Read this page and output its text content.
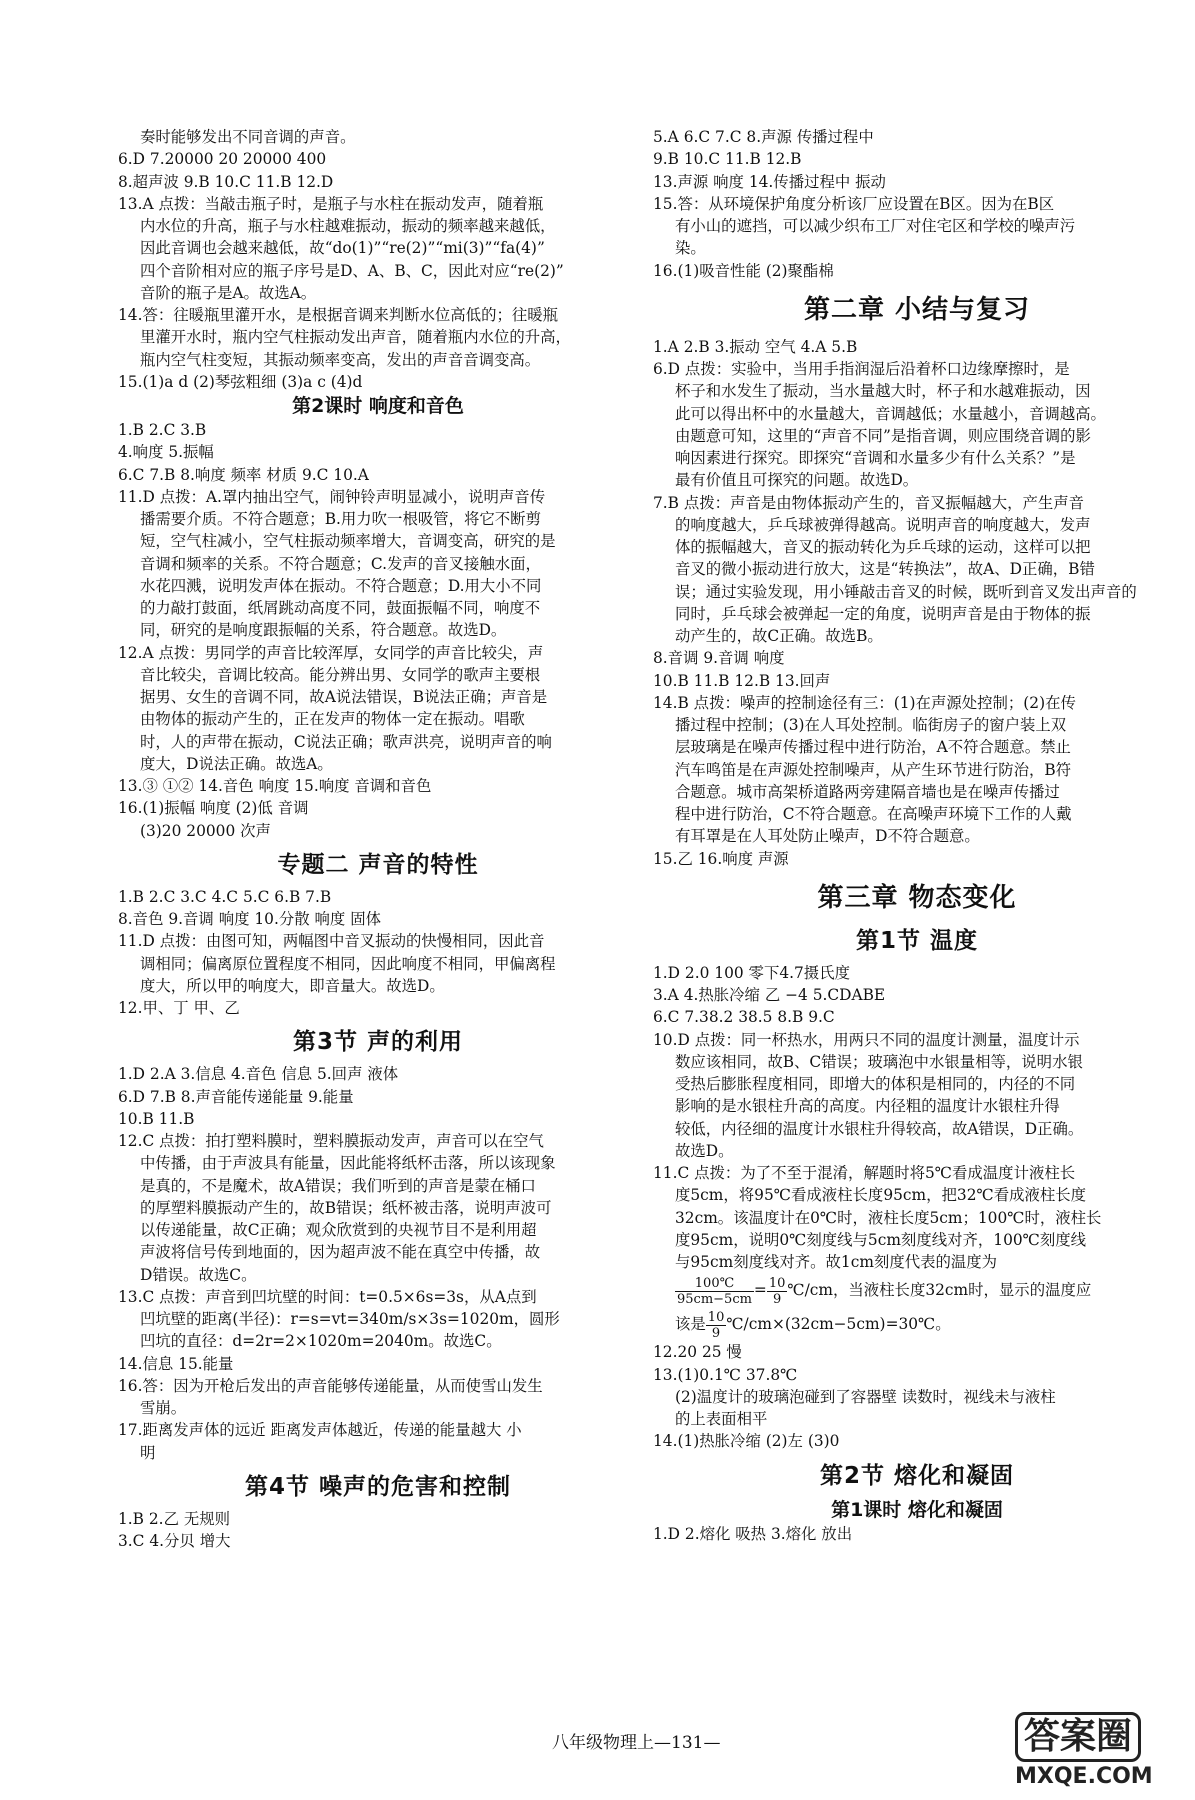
奏时能够发出不同音调的声音。
6.D 7.20000 20 20000 400
8.超声波 9.B 10.C 11.B 12.D
13.A 点拨：当敲击瓶子时，是瓶子与水柱在振动发声，随着瓶
内水位的升高，瓶子与水柱越难振动，振动的频率越来越低，
因此音调也会越来越低，故“do(1)”“re(2)”“mi(3)”“fa(4)”
四个音阶相对应的瓶子序号是D、A、B、C，因此对应“re(2)”
音阶的瓶子是A。故选A。
14.答：往暖瓶里灌开水，是根据音调来判断水位高低的；往暖瓶
里灌开水时，瓶内空气柱振动发出声音，随着瓶内水位的升高，
瓶内空气柱变短，其振动频率变高，发出的声音音调变高。
15.(1)a d (2)琴弦粗细 (3)a c (4)d
第2课时 响度和音色
1.B 2.C 3.B
4.响度 5.振幅
6.C 7.B 8.响度 频率 材质 9.C 10.A
11.D 点拨：A.罩内抽出空气，闹钟铃声明显减小，说明声音传
播需要介质。不符合题意；B.用力吹一根吸管，将它不断剪
短，空气柱减小，空气柱振动频率增大，音调变高，研究的是
音调和频率的关系。不符合题意；C.发声的音叉接触水面，
水花四溅，说明发声体在振动。不符合题意；D.用大小不同
的力敲打鼓面，纸屑跳动高度不同，鼓面振幅不同，响度不
同，研究的是响度跟振幅的关系，符合题意。故选D。
12.A 点拨：男同学的声音比较浑厚，女同学的声音比较尖，声
音比较尖，音调比较高。能分辨出男、女同学的歌声主要根
据男、女生的音调不同，故A说法错误，B说法正确；声音是
由物体的振动产生的，正在发声的物体一定在振动。唱歌
时，人的声带在振动，C说法正确；歌声洪亮，说明声音的响
度大，D说法正确。故选A。
13.③ ①② 14.音色 响度 15.响度 音调和音色
16.(1)振幅 响度 (2)低 音调
(3)20 20000 次声
专题二 声音的特性
1.B 2.C 3.C 4.C 5.C 6.B 7.B
8.音色 9.音调 响度 10.分散 响度 固体
11.D 点拨：由图可知，两幅图中音叉振动的快慢相同，因此音
调相同；偏离原位置程度不相同，因此响度不相同，甲偏离程
度大，所以甲的响度大，即音量大。故选D。
12.甲、丁 甲、乙
第3节 声的利用
1.D 2.A 3.信息 4.音色 信息 5.回声 液体
6.D 7.B 8.声音能传递能量 9.能量
10.B 11.B
12.C 点拨：拍打塑料膜时，塑料膜振动发声，声音可以在空气
中传播，由于声波具有能量，因此能将纸杯击落，所以该现象
是真的，不是魔术，故A错误；我们听到的声音是蒙在桶口
的厚塑料膜振动产生的，故B错误；纸杯被击落，说明声波可
以传递能量，故C正确；观众欣赏到的央视节目不是利用超
声波将信号传到地面的，因为超声波不能在真空中传播，故
D错误。故选C。
13.C 点拨：声音到凹坑壁的时间：t=0.5×6s=3s，从A点到
凹坑壁的距离(半径)：r=s=vt=340m/s×3s=1020m，圆形
凹坑的直径：d=2r=2×1020m=2040m。故选C。
14.信息 15.能量
16.答：因为开枪后发出的声音能够传递能量，从而使雪山发生
雪崩。
17.距离发声体的远近 距离发声体越近，传递的能量越大 小
明
第4节 噪声的危害和控制
1.B 2.乙 无规则
3.C 4.分贝 增大
5.A 6.C 7.C 8.声源 传播过程中
9.B 10.C 11.B 12.B
13.声源 响度 14.传播过程中 振动
15.答：从环境保护角度分析该厂应设置在B区。因为在B区
有小山的遮挡，可以减少织布工厂对住宅区和学校的噪声污
染。
16.(1)吸音性能 (2)聚酯棉
第二章 小结与复习
1.A 2.B 3.振动 空气 4.A 5.B
6.D 点拨：实验中，当用手指润湿后沿着杯口边缘摩擦时，是
杯子和水发生了振动，当水量越大时，杯子和水越难振动，因
此可以得出杯中的水量越大，音调越低；水量越小，音调越高。
由题意可知，这里的“声音不同”是指音调，则应围绕音调的影
响因素进行探究。即探究“音调和水量多少有什么关系？”是
最有价值且可探究的问题。故选D。
7.B 点拨：声音是由物体振动产生的，音叉振幅越大，产生声音
的响度越大，乒乓球被弹得越高。说明声音的响度越大，发声
体的振幅越大，音叉的振动转化为乒乓球的运动，这样可以把
音叉的微小振动进行放大，这是“转换法”，故A、D正确，B错
误；通过实验发现，用小锤敲击音叉的时候，既听到音叉发出声音的
同时，乒乓球会被弹起一定的角度，说明声音是由于物体的振
动产生的，故C正确。故选B。
8.音调 9.音调 响度
10.B 11.B 12.B 13.回声
14.B 点拨：噪声的控制途径有三：(1)在声源处控制；(2)在传
播过程中控制；(3)在人耳处控制。临街房子的窗户装上双
层玻璃是在噪声传播过程中进行防治，A不符合题意。禁止
汽车鸣笛是在声源处控制噪声，从产生环节进行防治，B符
合题意。城市高架桥道路两旁建隔音墙也是在噪声传播过
程中进行防治，C不符合题意。在高噪声环境下工作的人戴
有耳罩是在人耳处防止噪声，D不符合题意。
15.乙 16.响度 声源
第三章 物态变化
第1节 温度
1.D 2.0 100 零下4.7摄氏度
3.A 4.热胀冷缩 乙 −4 5.CDABE
6.C 7.38.2 38.5 8.B 9.C
10.D 点拨：同一杯热水，用两只不同的温度计测量，温度计示
数应该相同，故B、C错误；玻璃泡中水银量相等，说明水银
受热后膨胀程度相同，即增大的体积是相同的，内径的不同
影响的是水银柱升高的高度。内径粗的温度计水银柱升得
较低，内径细的温度计水银柱升得较高，故A错误，D正确。
故选D。
11.C 点拨：为了不至于混淆，解题时将5℃看成温度计液柱长
度5cm，将95℃看成液柱长度95cm，把32℃看成液柱长度
32cm。该温度计在0℃时，液柱长度5cm；100℃时，液柱长
度95cm，说明0℃刻度线与5cm刻度线对齐，100℃刻度线
与95cm刻度线对齐。故1cm刻度代表的温度为
$\frac{100℃}{95cm-5cm} = \frac{10}{9}$ ℃/cm，当液柱长度32cm时，显示的温度应
该是 $\frac{10}{9}$ ℃/cm×(32cm−5cm)=30℃。
12.20 25 慢
13.(1)0.1℃ 37.8℃
(2)温度计的玻璃泡碰到了容器壁 读数时，视线未与液柱
的上表面相平
14.(1)热胀冷缩 (2)左 (3)0
第2节 熔化和凝固
第1课时 熔化和凝固
1.D 2.熔化 吸热 3.熔化 放出
八年级物理上—131—	答案圈
MXQE.COM
